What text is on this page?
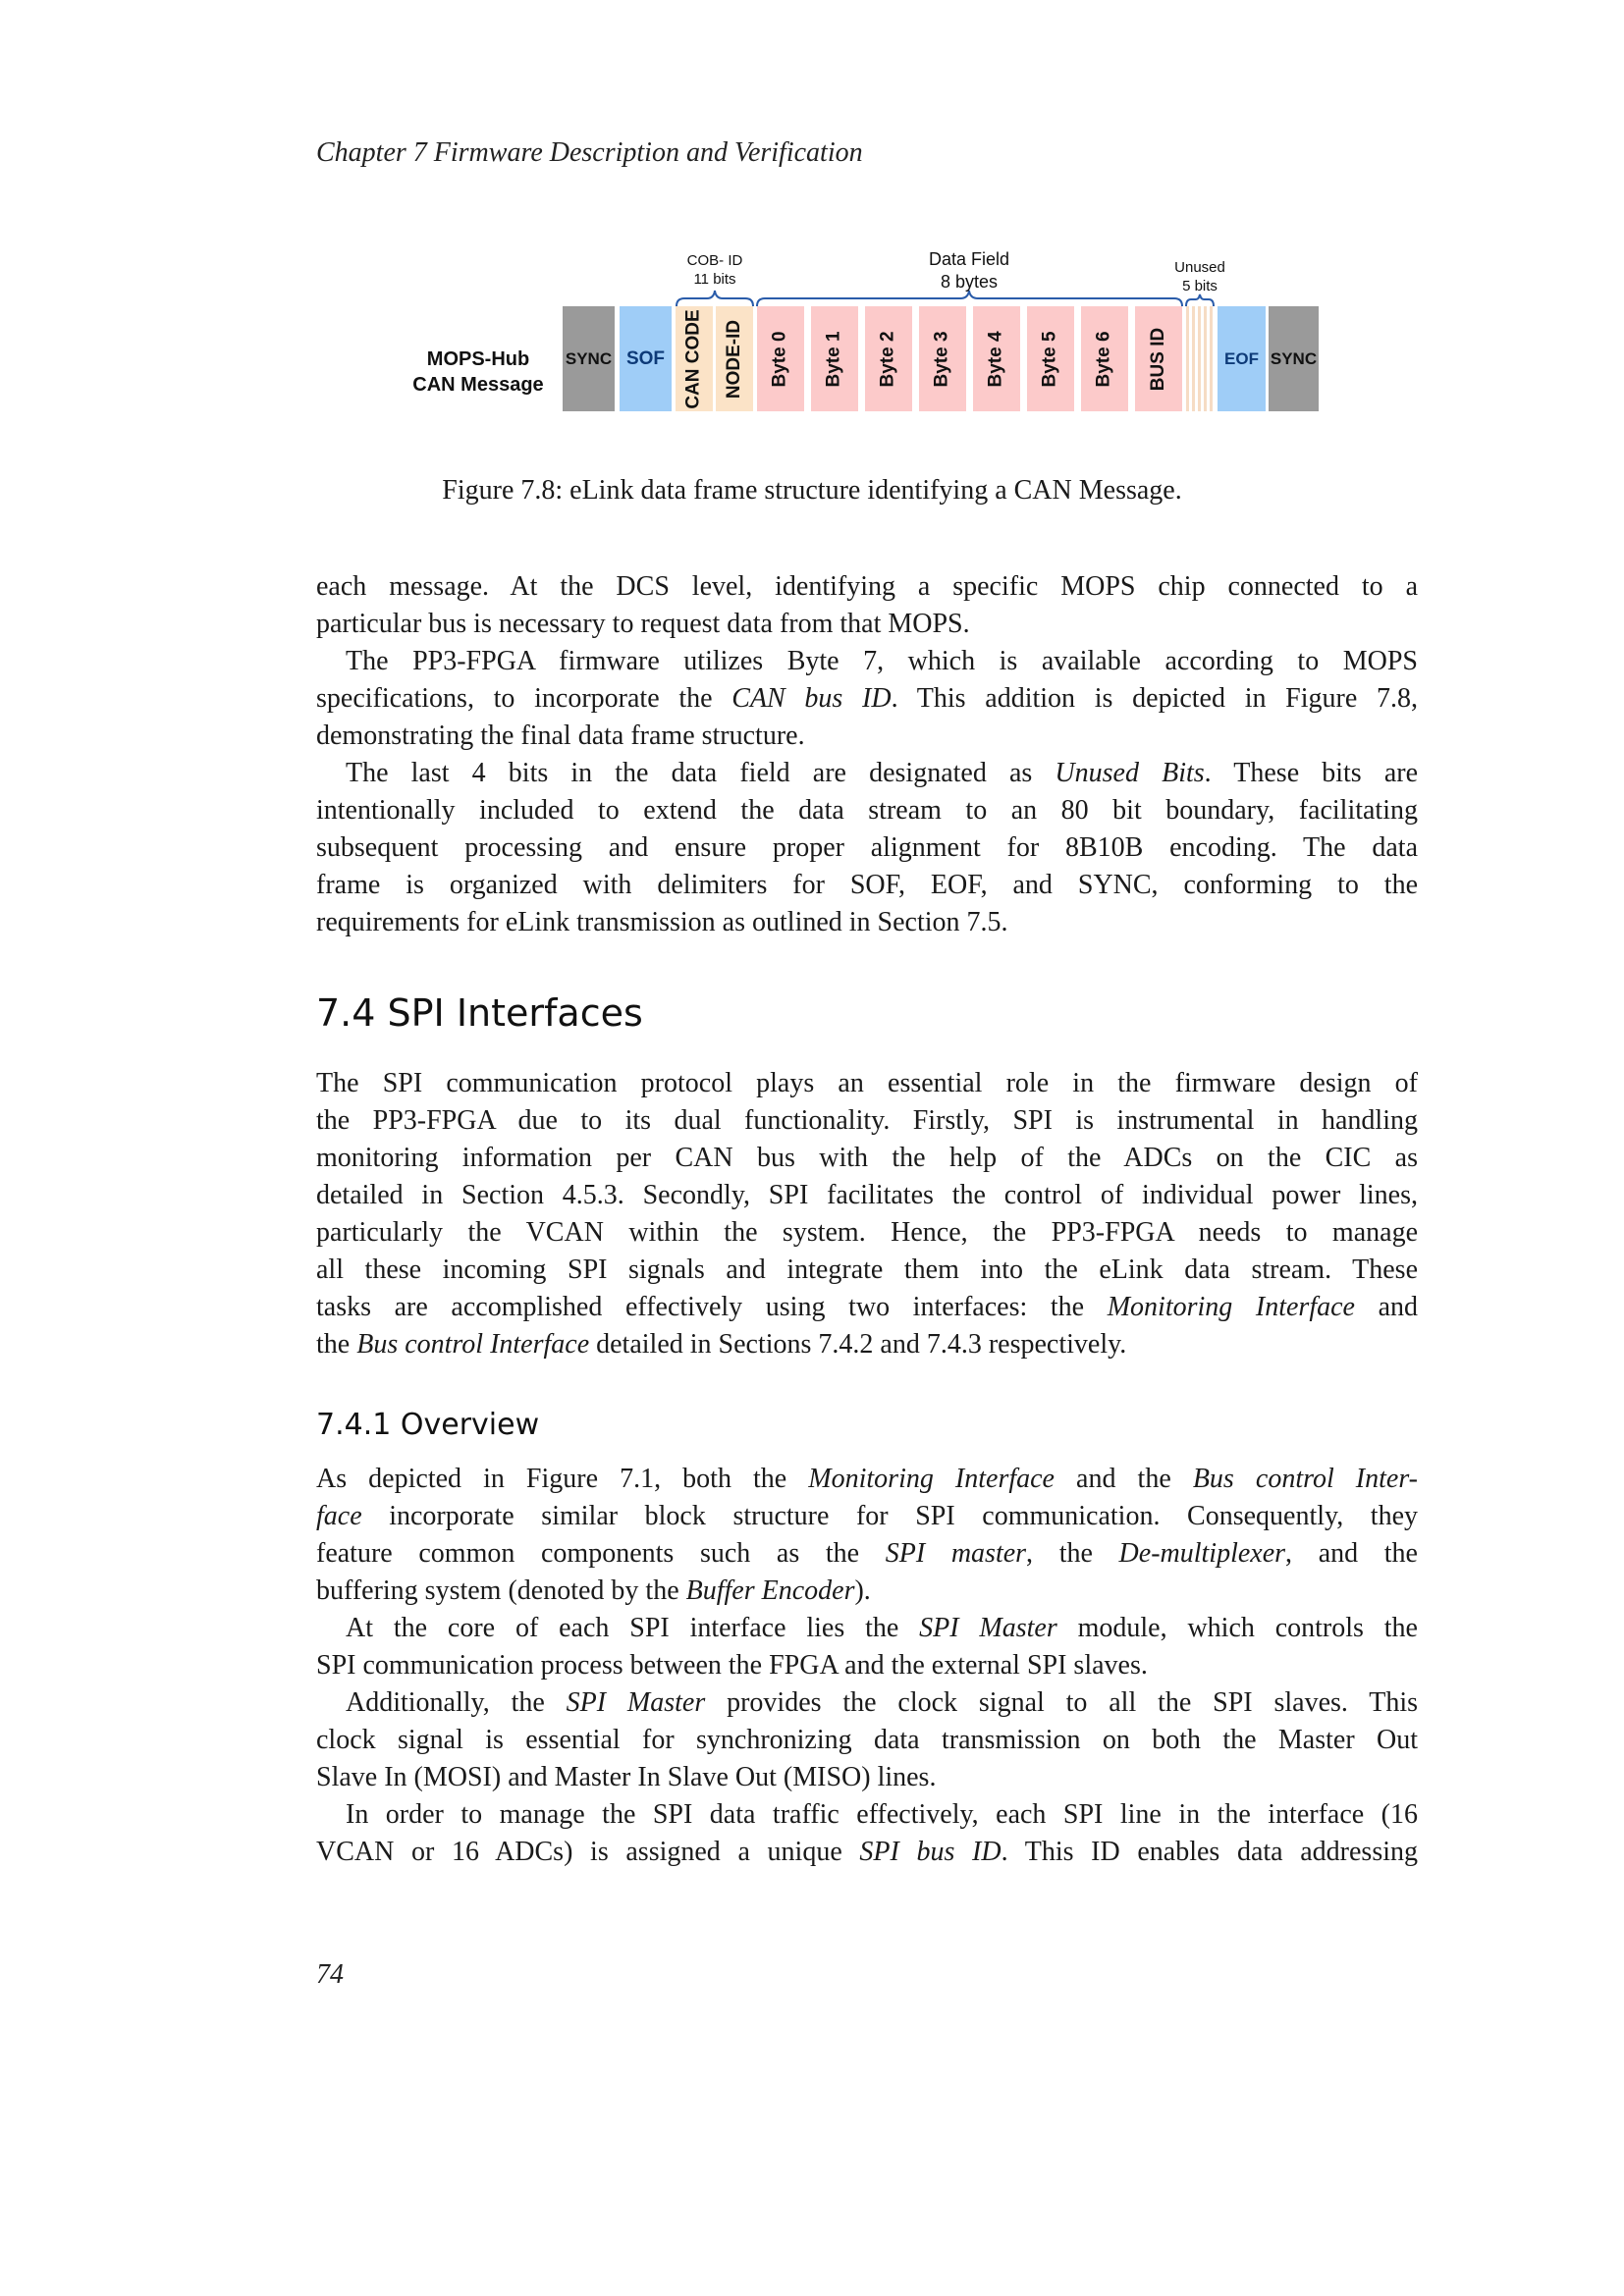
Chapter 7 Firmware Description and Verification
MOPS-Hub
CAN Message
SYNC SOF CAN CODE NODE-ID Byte 0 Byte 1 Byte 2 Byte 3 Byte 4 Byte 5 Byte 6 BUS ID	EOF SYNC
COB- ID
11 bits
Data Field
8 bytes
Unused
5 bits
Figure 7.8: eLink data frame structure identifying a CAN Message.
each message. At the DCS level, identifying a specific MOPS chip connected to a
particular bus is necessary to request data from that MOPS.
The PP3-FPGA firmware utilizes Byte 7, which is available according to MOPS
specifications, to incorporate the CAN bus ID. This addition is depicted in Figure 7.8,
demonstrating the final data frame structure.
The last 4 bits in the data field are designated as Unused Bits. These bits are
intentionally included to extend the data stream to an 80 bit boundary, facilitating
subsequent processing and ensure proper alignment for 8B10B encoding. The data
frame is organized with delimiters for SOF, EOF, and SYNC, conforming to the
requirements for eLink transmission as outlined in Section 7.5.
7.4 SPI Interfaces
The SPI communication protocol plays an essential role in the firmware design of
the PP3-FPGA due to its dual functionality. Firstly, SPI is instrumental in handling
monitoring information per CAN bus with the help of the ADCs on the CIC as
detailed in Section 4.5.3. Secondly, SPI facilitates the control of individual power lines,
particularly the VCAN within the system. Hence, the PP3-FPGA needs to manage
all these incoming SPI signals and integrate them into the eLink data stream. These
tasks are accomplished effectively using two interfaces: the Monitoring Interface and
the Bus control Interface detailed in Sections 7.4.2 and 7.4.3 respectively.
7.4.1 Overview
As depicted in Figure 7.1, both the Monitoring Interface and the Bus control Inter-
face incorporate similar block structure for SPI communication. Consequently, they
feature common components such as the SPI master, the De-multiplexer, and the
buffering system (denoted by the Buffer Encoder).
At the core of each SPI interface lies the SPI Master module, which controls the
SPI communication process between the FPGA and the external SPI slaves.
Additionally, the SPI Master provides the clock signal to all the SPI slaves. This
clock signal is essential for synchronizing data transmission on both the Master Out
Slave In (MOSI) and Master In Slave Out (MISO) lines.
In order to manage the SPI data traffic effectively, each SPI line in the interface (16
VCAN or 16 ADCs) is assigned a unique SPI bus ID. This ID enables data addressing
74
